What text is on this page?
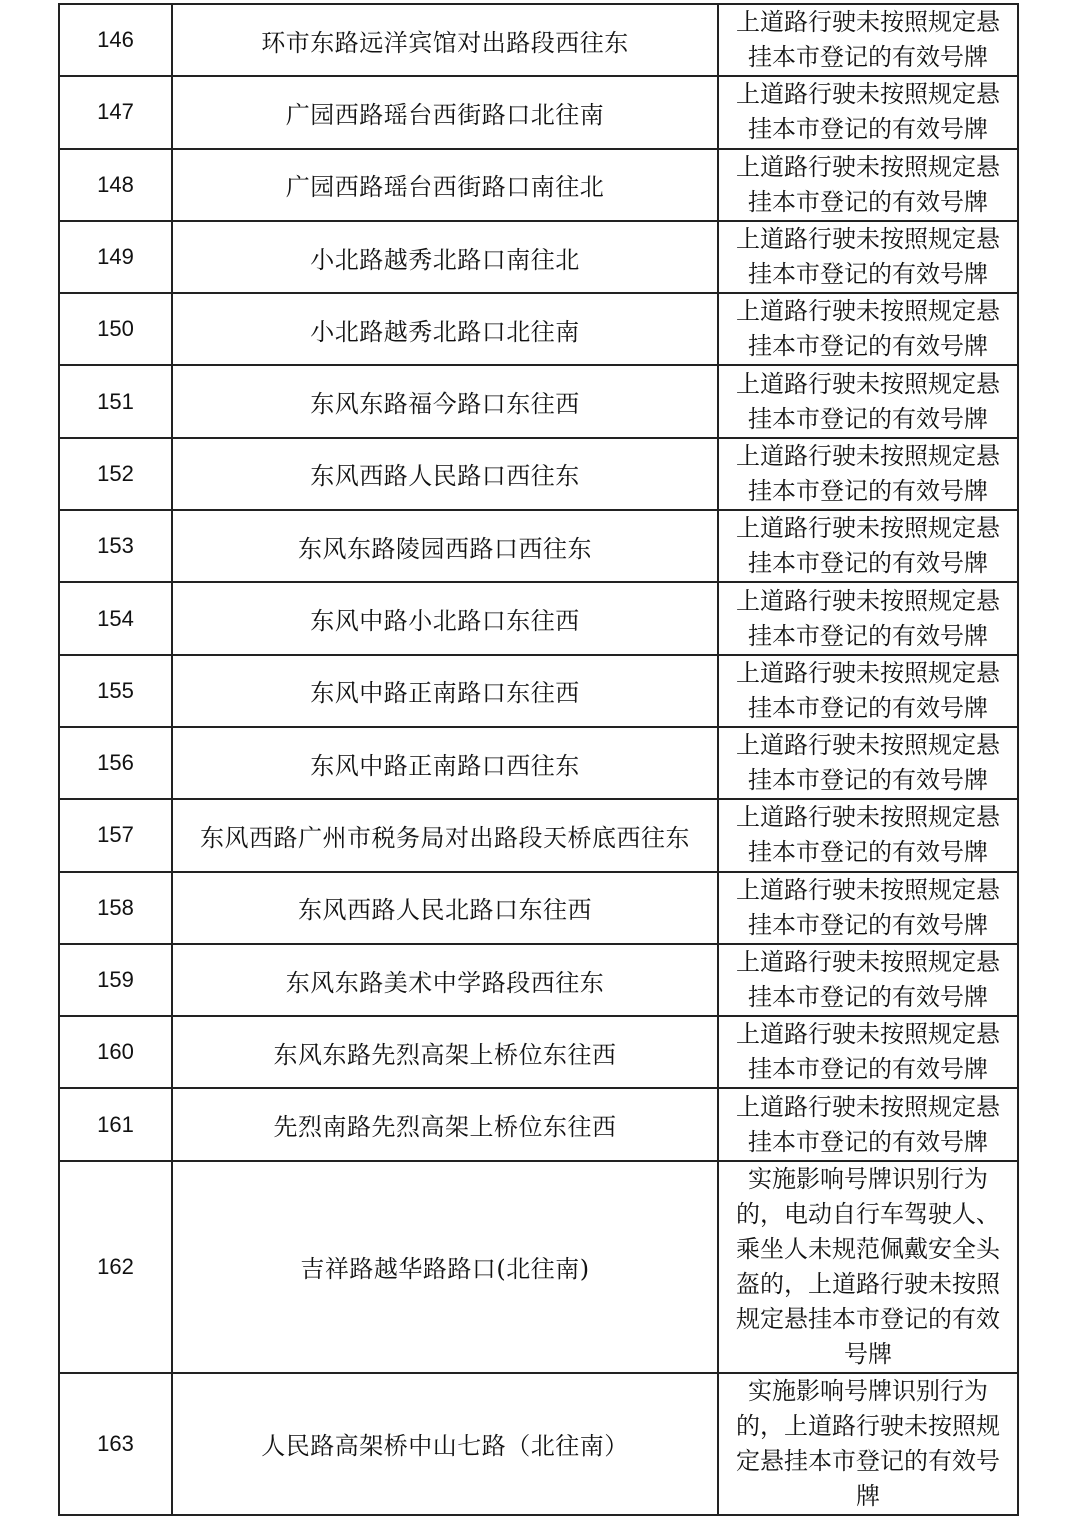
146	环市东路远洋宾馆对出路段西往东	上道路行驶未按照规定悬挂本市登记的有效号牌

147	广园西路瑶台西街路口北往南	上道路行驶未按照规定悬挂本市登记的有效号牌

148	广园西路瑶台西街路口南往北	上道路行驶未按照规定悬挂本市登记的有效号牌

149	小北路越秀北路口南往北	上道路行驶未按照规定悬挂本市登记的有效号牌

150	小北路越秀北路口北往南	上道路行驶未按照规定悬挂本市登记的有效号牌

151	东风东路福今路口东往西	上道路行驶未按照规定悬挂本市登记的有效号牌

152	东风西路人民路口西往东	上道路行驶未按照规定悬挂本市登记的有效号牌

153	东风东路陵园西路口西往东	上道路行驶未按照规定悬挂本市登记的有效号牌

154	东风中路小北路口东往西	上道路行驶未按照规定悬挂本市登记的有效号牌

155	东风中路正南路口东往西	上道路行驶未按照规定悬挂本市登记的有效号牌

156	东风中路正南路口西往东	上道路行驶未按照规定悬挂本市登记的有效号牌

157	东风西路广州市税务局对出路段天桥底西往东	上道路行驶未按照规定悬挂本市登记的有效号牌

158	东风西路人民北路口东往西	上道路行驶未按照规定悬挂本市登记的有效号牌

159	东风东路美术中学路段西往东	上道路行驶未按照规定悬挂本市登记的有效号牌

160	东风东路先烈高架上桥位东往西	上道路行驶未按照规定悬挂本市登记的有效号牌

161	先烈南路先烈高架上桥位东往西	上道路行驶未按照规定悬挂本市登记的有效号牌

162	吉祥路越华路路口(北往南)	实施影响号牌识别行为的，电动自行车驾驶人、乘坐人未规范佩戴安全头盔的，上道路行驶未按照规定悬挂本市登记的有效号牌

163	人民路高架桥中山七路（北往南）	实施影响号牌识别行为的，上道路行驶未按照规定悬挂本市登记的有效号牌
